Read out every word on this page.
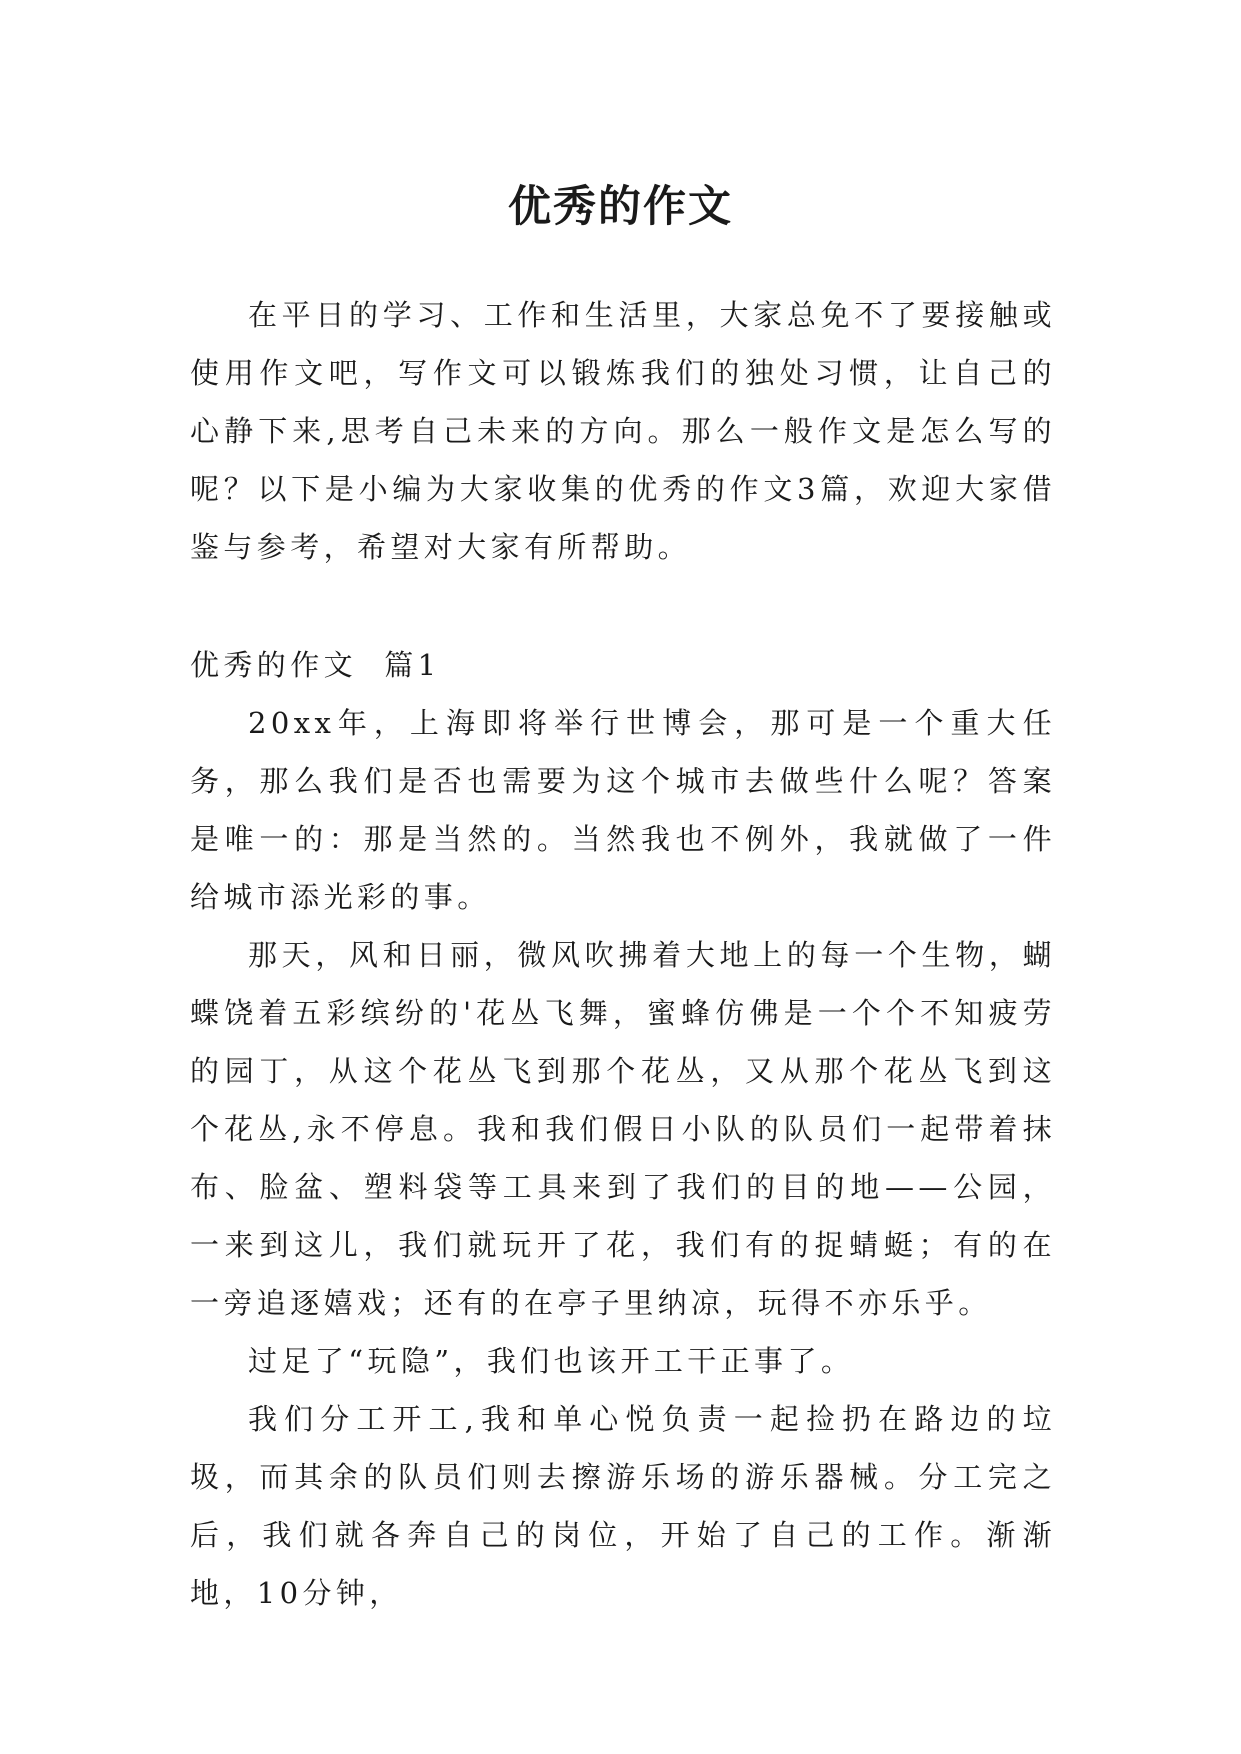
优秀的作文

在平日的学习、工作和生活里，大家总免不了要接触或使用作文吧，写作文可以锻炼我们的独处习惯，让自己的心静下来,思考自己未来的方向。那么一般作文是怎么写的呢？以下是小编为大家收集的优秀的作文3篇，欢迎大家借鉴与参考，希望对大家有所帮助。

优秀的作文  篇1

20xx年，上海即将举行世博会，那可是一个重大任务，那么我们是否也需要为这个城市去做些什么呢？答案是唯一的：那是当然的。当然我也不例外，我就做了一件给城市添光彩的事。

那天，风和日丽，微风吹拂着大地上的每一个生物，蝴蝶饶着五彩缤纷的'花丛飞舞，蜜蜂仿佛是一个个不知疲劳的园丁，从这个花丛飞到那个花丛，又从那个花丛飞到这个花丛,永不停息。我和我们假日小队的队员们一起带着抹布、脸盆、塑料袋等工具来到了我们的目的地——公园，一来到这儿，我们就玩开了花，我们有的捉蜻蜓；有的在一旁追逐嬉戏；还有的在亭子里纳凉，玩得不亦乐乎。

过足了“玩隐”，我们也该开工干正事了。

我们分工开工,我和单心悦负责一起捡扔在路边的垃圾，而其余的队员们则去擦游乐场的游乐器械。分工完之后，我们就各奔自己的岗位，开始了自己的工作。渐渐地，10分钟，
